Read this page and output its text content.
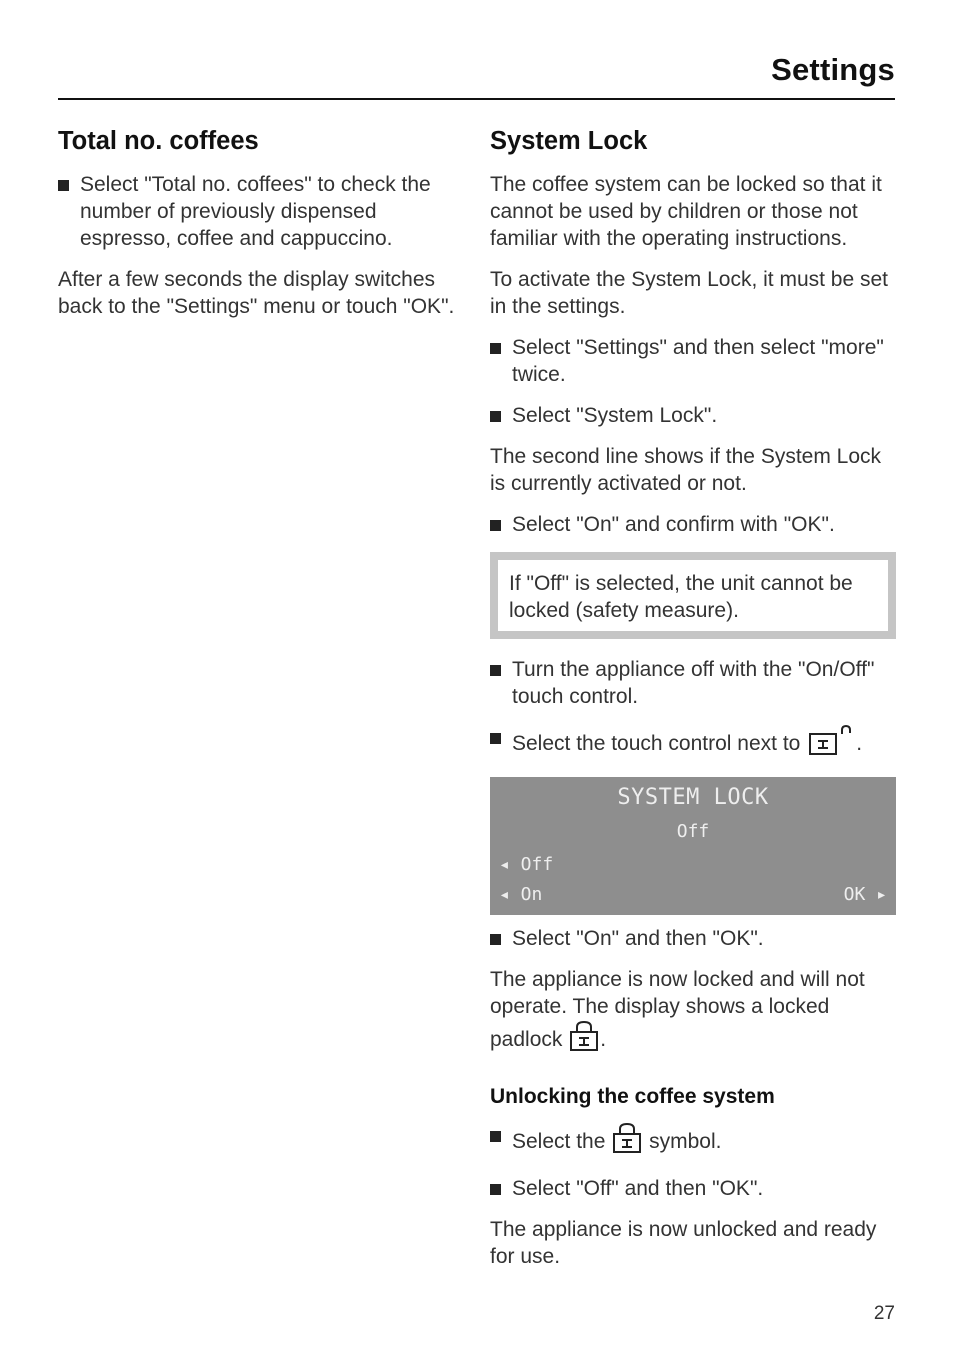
Settings
Total no. coffees
Select "Total no. coffees" to check the number of previously dispensed espresso, coffee and cappuccino.

After a few seconds the display switches back to the "Settings" menu or touch "OK".

System Lock

The coffee system can be locked so that it cannot be used by children or those not familiar with the operating instructions.

To activate the System Lock, it must be set in the settings.

Select "Settings" and then select "more" twice.
Select "System Lock".

The second line shows if the System Lock is currently activated or not.

Select "On" and confirm with "OK".

If "Off" is selected, the unit cannot be locked (safety measure).

Turn the appliance off with the "On/Off" touch control.
Select the touch control next to	.
SYSTEM LOCK
Off
◂ Off
◂ On	OK ▸
Select "On" and then "OK".

The appliance is now locked and will not operate. The display shows a locked padlock .

Unlocking the coffee system
Select the symbol.
Select "Off" and then "OK".

The appliance is now unlocked and ready for use.

27
